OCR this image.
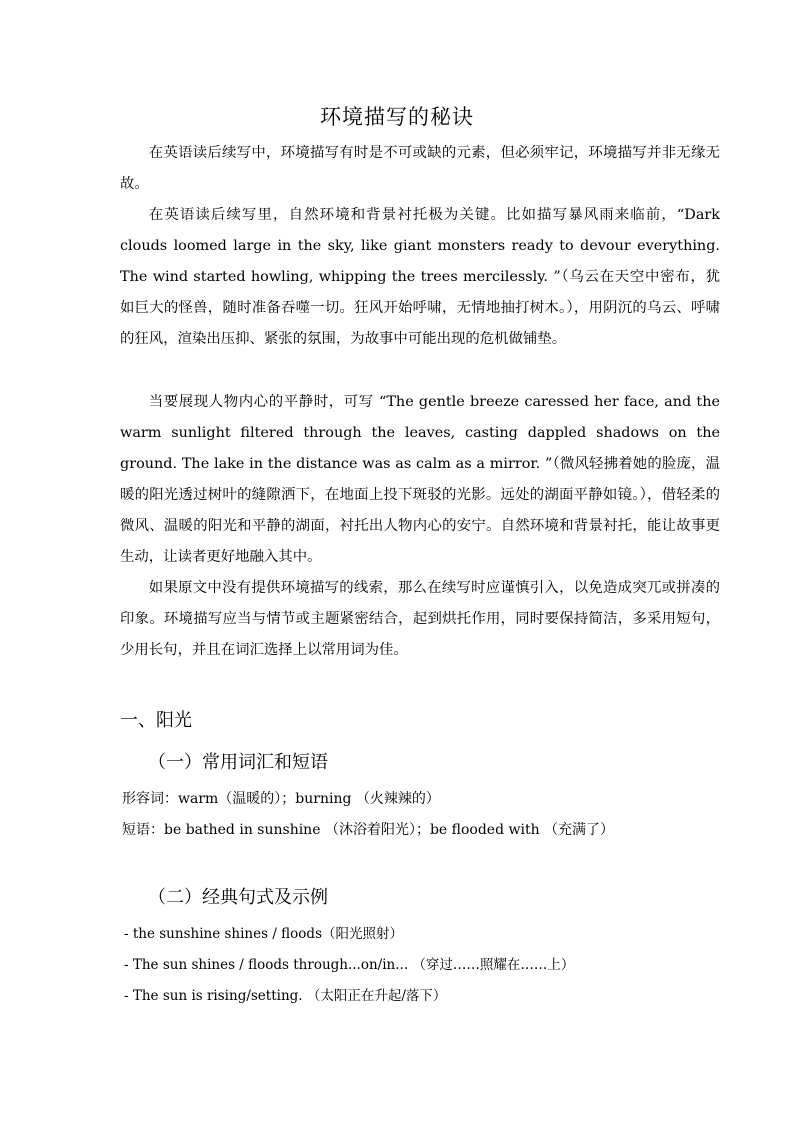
环境描写的秘诀

在英语读后续写中，环境描写有时是不可或缺的元素，但必须牢记，环境描写并非无缘无故。

在英语读后续写里，自然环境和背景衬托极为关键。比如描写暴风雨来临前，“Dark clouds loomed large in the sky, like giant monsters ready to devour everything. The wind started howling, whipping the trees mercilessly. ”（乌云在天空中密布，犹如巨大的怪兽，随时准备吞噬一切。狂风开始呼啸，无情地抽打树木。），用阴沉的乌云、呼啸的狂风，渲染出压抑、紧张的氛围，为故事中可能出现的危机做铺垫。

当要展现人物内心的平静时，可写 “The gentle breeze caressed her face, and the warm sunlight filtered through the leaves, casting dappled shadows on the ground. The lake in the distance was as calm as a mirror. ”（微风轻拂着她的脸庞，温暖的阳光透过树叶的缝隙洒下，在地面上投下斑驳的光影。远处的湖面平静如镜。），借轻柔的微风、温暖的阳光和平静的湖面，衬托出人物内心的安宁。自然环境和背景衬托，能让故事更生动，让读者更好地融入其中。

如果原文中没有提供环境描写的线索，那么在续写时应谨慎引入，以免造成突兀或拼凑的印象。环境描写应当与情节或主题紧密结合，起到烘托作用，同时要保持简洁，多采用短句，少用长句，并且在词汇选择上以常用词为佳。

一、阳光
（一）常用词汇和短语
形容词：warm（温暖的）；burning （火辣辣的）
短语：be bathed in sunshine （沐浴着阳光）；be flooded with （充满了）
（二）经典句式及示例
- the sunshine shines / floods（阳光照射）
- The sun shines / floods through...on/in... （穿过……照耀在……上）
- The sun is rising/setting. （太阳正在升起/落下）
